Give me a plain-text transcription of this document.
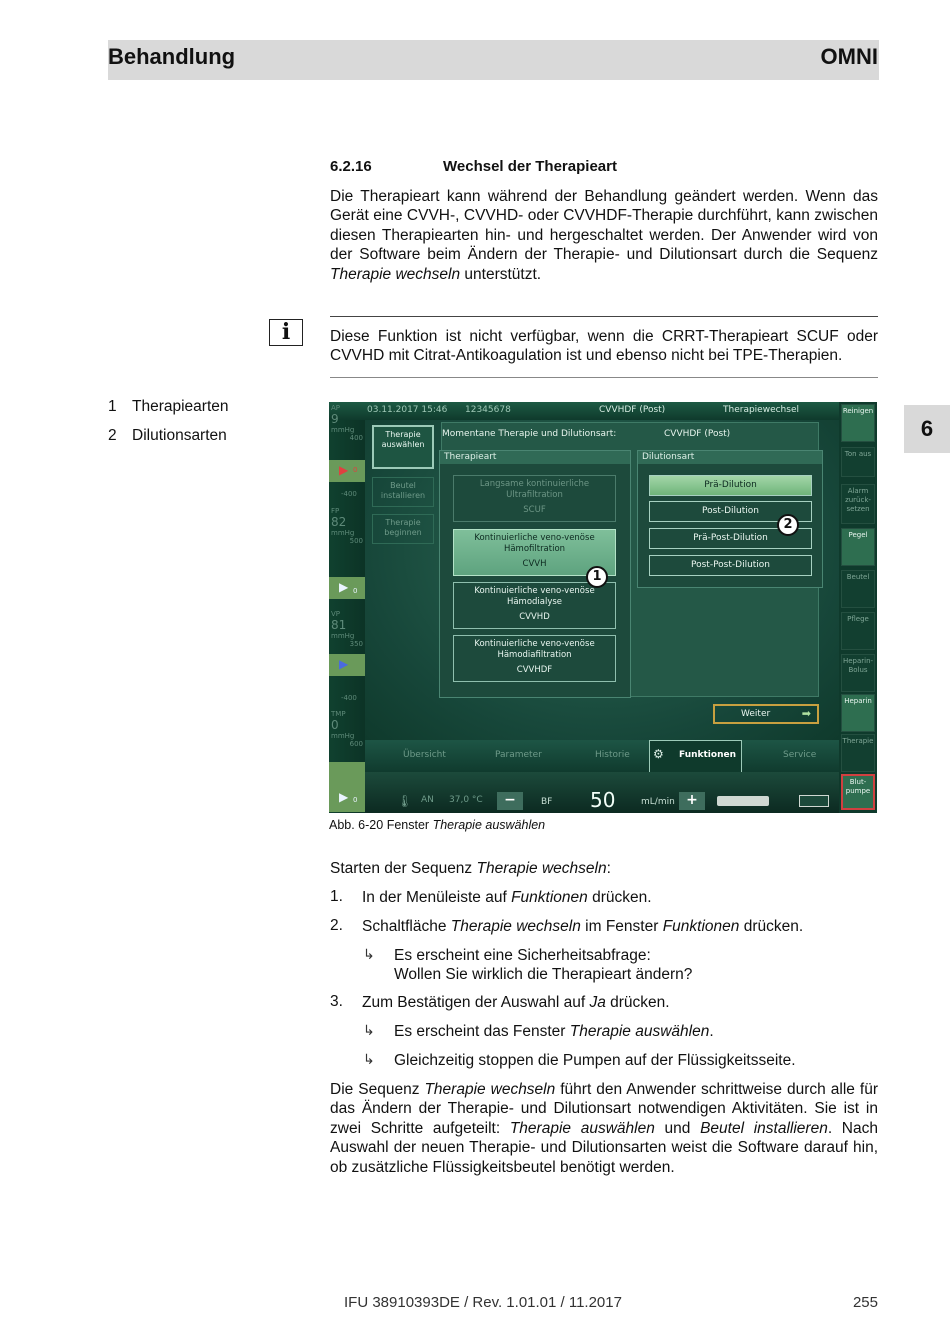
Behandlung	OMNI
6
6.2.16	Wechsel der Therapieart
Die Therapieart kann während der Behandlung geändert werden. Wenn das Gerät eine CVVH-, CVVHD- oder CVVHDF-Therapie durchführt, kann zwischen diesen Therapiearten hin- und hergeschaltet werden. Der Anwender wird von der Software beim Ändern der Therapie- und Dilutionsart durch die Sequenz Therapie wechseln unterstützt.
i	Diese Funktion ist nicht verfügbar, wenn die CRRT-Therapieart SCUF oder CVVHD mit Citrat-Antikoagulation ist und ebenso nicht bei TPE-Therapien.
1 Therapiearten
2 Dilutionsarten
03.11.2017 15:46 12345678	CVVHDF (Post)	Therapiewechsel
AP
9
mmHg
400
▶ 0
-400
FP
82
mmHg
500
▶ 0
VP
81
mmHg
350
▶
-400
TMP
0
mmHg
600
▶ 0
Therapie auswählen
Beutel installieren
Therapie beginnen
Momentane Therapie und Dilutionsart:	CVVHDF (Post)
Therapieart
Langsame kontinuierliche Ultrafiltration
SCUF
Kontinuierliche veno-venöse Hämofiltration
CVVH
Kontinuierliche veno-venöse Hämodialyse
CVVHD
Kontinuierliche veno-venöse Hämodiafiltration
CVVHDF
Dilutionsart
Prä-Dilution
Post-Dilution
Prä-Post-Dilution
Post-Post-Dilution
1
2
Weiter	➡
Übersicht	Parameter	Historie ⚙ Funktionen	Service
🌡 AN 37,0 °C	−	BF 50	mL/min +
Reinigen
Ton aus
Alarm zurück-setzen
Pegel
Beutel
Pflege
Heparin-Bolus
Heparin
Therapie
Blut-pumpe
Abb. 6-20 Fenster Therapie auswählen
Starten der Sequenz Therapie wechseln:
1. In der Menüleiste auf Funktionen drücken.
2. Schaltfläche Therapie wechseln im Fenster Funktionen drücken.
↳ Es erscheint eine Sicherheitsabfrage:
Wollen Sie wirklich die Therapieart ändern?
3. Zum Bestätigen der Auswahl auf Ja drücken.
↳ Es erscheint das Fenster Therapie auswählen.
↳ Gleichzeitig stoppen die Pumpen auf der Flüssigkeitsseite.
Die Sequenz Therapie wechseln führt den Anwender schrittweise durch alle für das Ändern der Therapie- und Dilutionsart notwendigen Aktivitäten. Sie ist in zwei Schritte aufgeteilt: Therapie auswählen und Beutel installieren. Nach Auswahl der neuen Therapie- und Dilutionsarten weist die Software darauf hin, ob zusätzliche Flüssigkeitsbeutel benötigt werden.
IFU 38910393DE / Rev. 1.01.01 / 11.2017	255
